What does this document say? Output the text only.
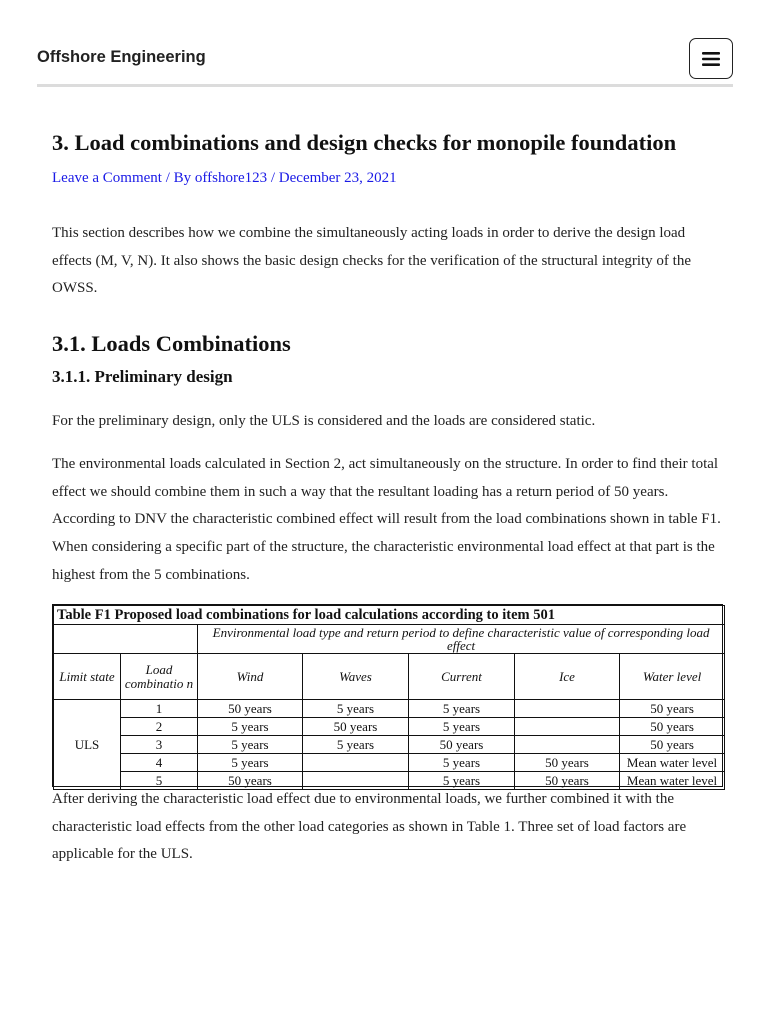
Offshore Engineering
3. Load combinations and design checks for monopile foundation
Leave a Comment / By offshore123 / December 23, 2021

This section describes how we combine the simultaneously acting loads in order to derive the design load effects (M, V, N). It also shows the basic design checks for the verification of the structural integrity of the OWSS.

3.1. Loads Combinations
3.1.1. Preliminary design

For the preliminary design, only the ULS is considered and the loads are considered static.

The environmental loads calculated in Section 2, act simultaneously on the structure. In order to find their total effect we should combine them in such a way that the resultant loading has a return period of 50 years. According to DNV the characteristic combined effect will result from the load combinations shown in table F1. When considering a specific part of the structure, the characteristic environmental load effect at that part is the highest from the 5 combinations.

After deriving the characteristic load effect due to environmental loads, we further combined it with the characteristic load effects from the other load categories as shown in Table 1. Three set of load factors are applicable for the ULS.

Table F1 Proposed load combinations for load calculations according to item 501						
		Environmental load type and return period to define characteristic value of corresponding load effect				
Limit state	Load combinatio n	Wind	Waves	Current	Ice	Water level
ULS	1	50 years	5 years	5 years		50 years
	2	5 years	50 years	5 years		50 years
	3	5 years	5 years	50 years		50 years
	4	5 years		5 years	50 years	Mean water level
	5	50 years		5 years	50 years	Mean water level
